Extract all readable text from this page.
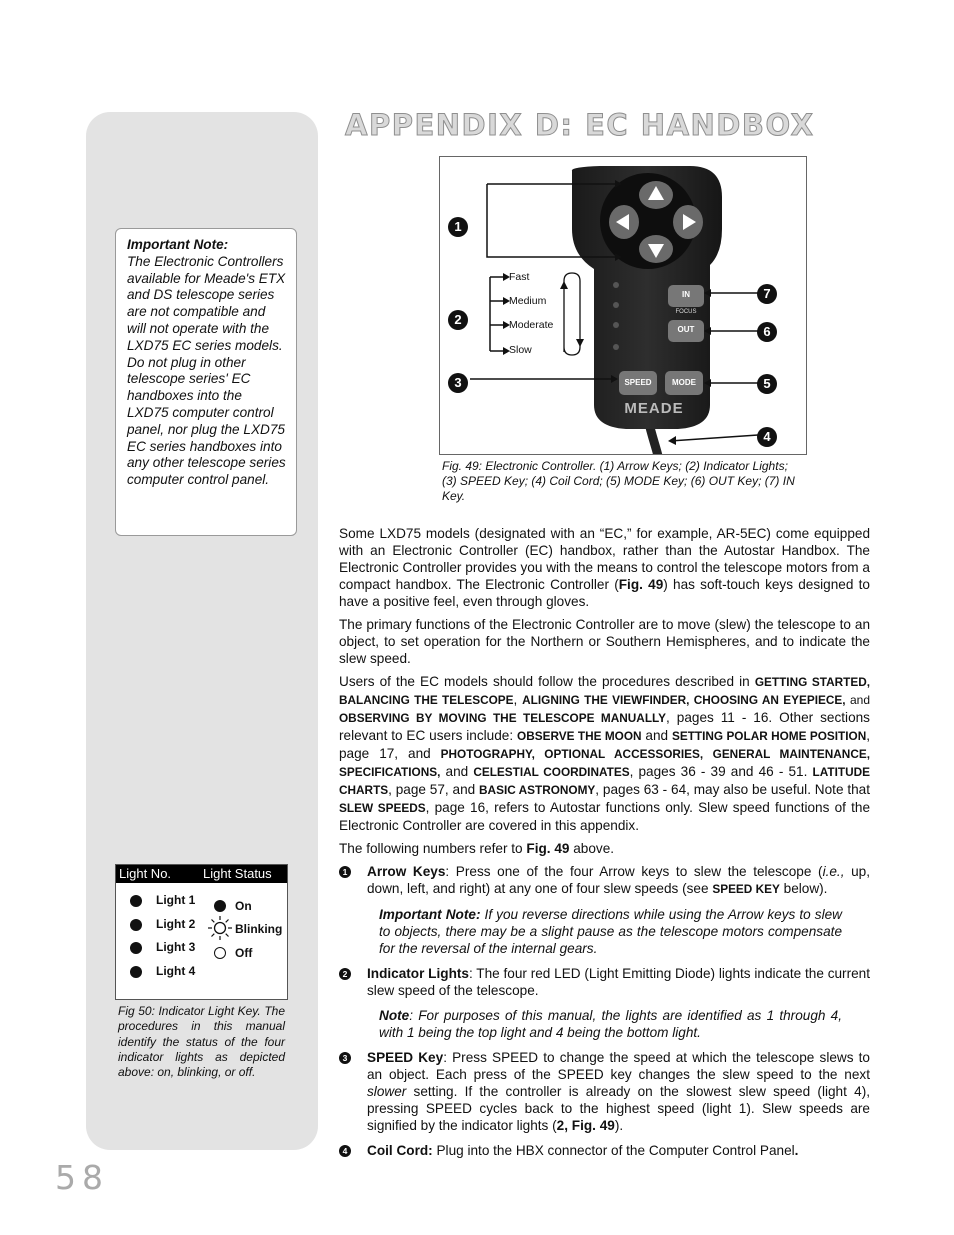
APPENDIX D: EC HANDBOX
Important Note:
The Electronic Controllers available for Meade's ETX and DS telescope series are not compatible and will not operate with the LXD75 EC series models. Do not plug in other telescope series' EC handboxes into the LXD75 computer control panel, nor plug the LXD75 EC series handboxes into any other telescope series computer control panel.
IN
FOCUS
OUT
SPEED	MODE
MEADE
Fast
Medium
Moderate
Slow
1
2
3
4
5
6
7
Fig. 49: Electronic Controller. (1) Arrow Keys; (2) Indicator Lights; (3) SPEED Key; (4) Coil Cord; (5) MODE Key; (6) OUT Key; (7) IN Key.

Some LXD75 models (designated with an “EC,” for example, AR-5EC) come equipped with an Electronic Controller (EC) handbox, rather than the Autostar Handbox. The Electronic Controller provides you with the means to control the telescope motors from a compact handbox. The Electronic Controller (Fig. 49) has soft-touch keys designed to have a positive feel, even through gloves.

The primary functions of the Electronic Controller are to move (slew) the telescope to an object, to set operation for the Northern or Southern Hemispheres, and to indicate the slew speed.

Users of the EC models should follow the procedures described in GETTING STARTED, BALANCING THE TELESCOPE, ALIGNING THE VIEWFINDER, CHOOSING AN EYEPIECE, and OBSERVING BY MOVING THE TELESCOPE MANUALLY, pages 11 - 16. Other sections relevant to EC users include: OBSERVE THE MOON and SETTING POLAR HOME POSITION, page 17, and PHOTOGRAPHY, OPTIONAL ACCESSORIES, GENERAL MAINTENANCE, SPECIFICATIONS, and CELESTIAL COORDINATES, pages 36 - 39 and 46 - 51. LATITUDE CHARTS, page 57, and BASIC ASTRONOMY, pages 63 - 64, may also be useful. Note that SLEW SPEEDS, page 16, refers to Autostar functions only. Slew speed functions of the Electronic Controller are covered in this appendix.

The following numbers refer to Fig. 49 above.

1 Arrow Keys: Press one of the four Arrow keys to slew the telescope (i.e., up, down, left, and right) at any one of four slew speeds (see SPEED KEY below).
Important Note: If you reverse directions while using the Arrow keys to slew to objects, there may be a slight pause as the telescope motors compensate for the reversal of the internal gears.
2 Indicator Lights: The four red LED (Light Emitting Diode) lights indicate the current slew speed of the telescope.
Note: For purposes of this manual, the lights are identified as 1 through 4, with 1 being the top light and 4 being the bottom light.
3 SPEED Key: Press SPEED to change the speed at which the telescope slews to an object. Each press of the SPEED key changes the slew speed to the next slower setting. If the controller is already on the slowest slew speed (light 4), pressing SPEED cycles back to the highest speed (light 1). Slew speeds are signified by the indicator lights (2, Fig. 49).
4 Coil Cord: Plug into the HBX connector of the Computer Control Panel.
Light No. Light Status
Light 1
Light 2
Light 3
Light 4
On
Blinking
Off
Fig 50: Indicator Light Key. The procedures in this manual identify the status of the four indicator lights as depicted above: on, blinking, or off.
58
